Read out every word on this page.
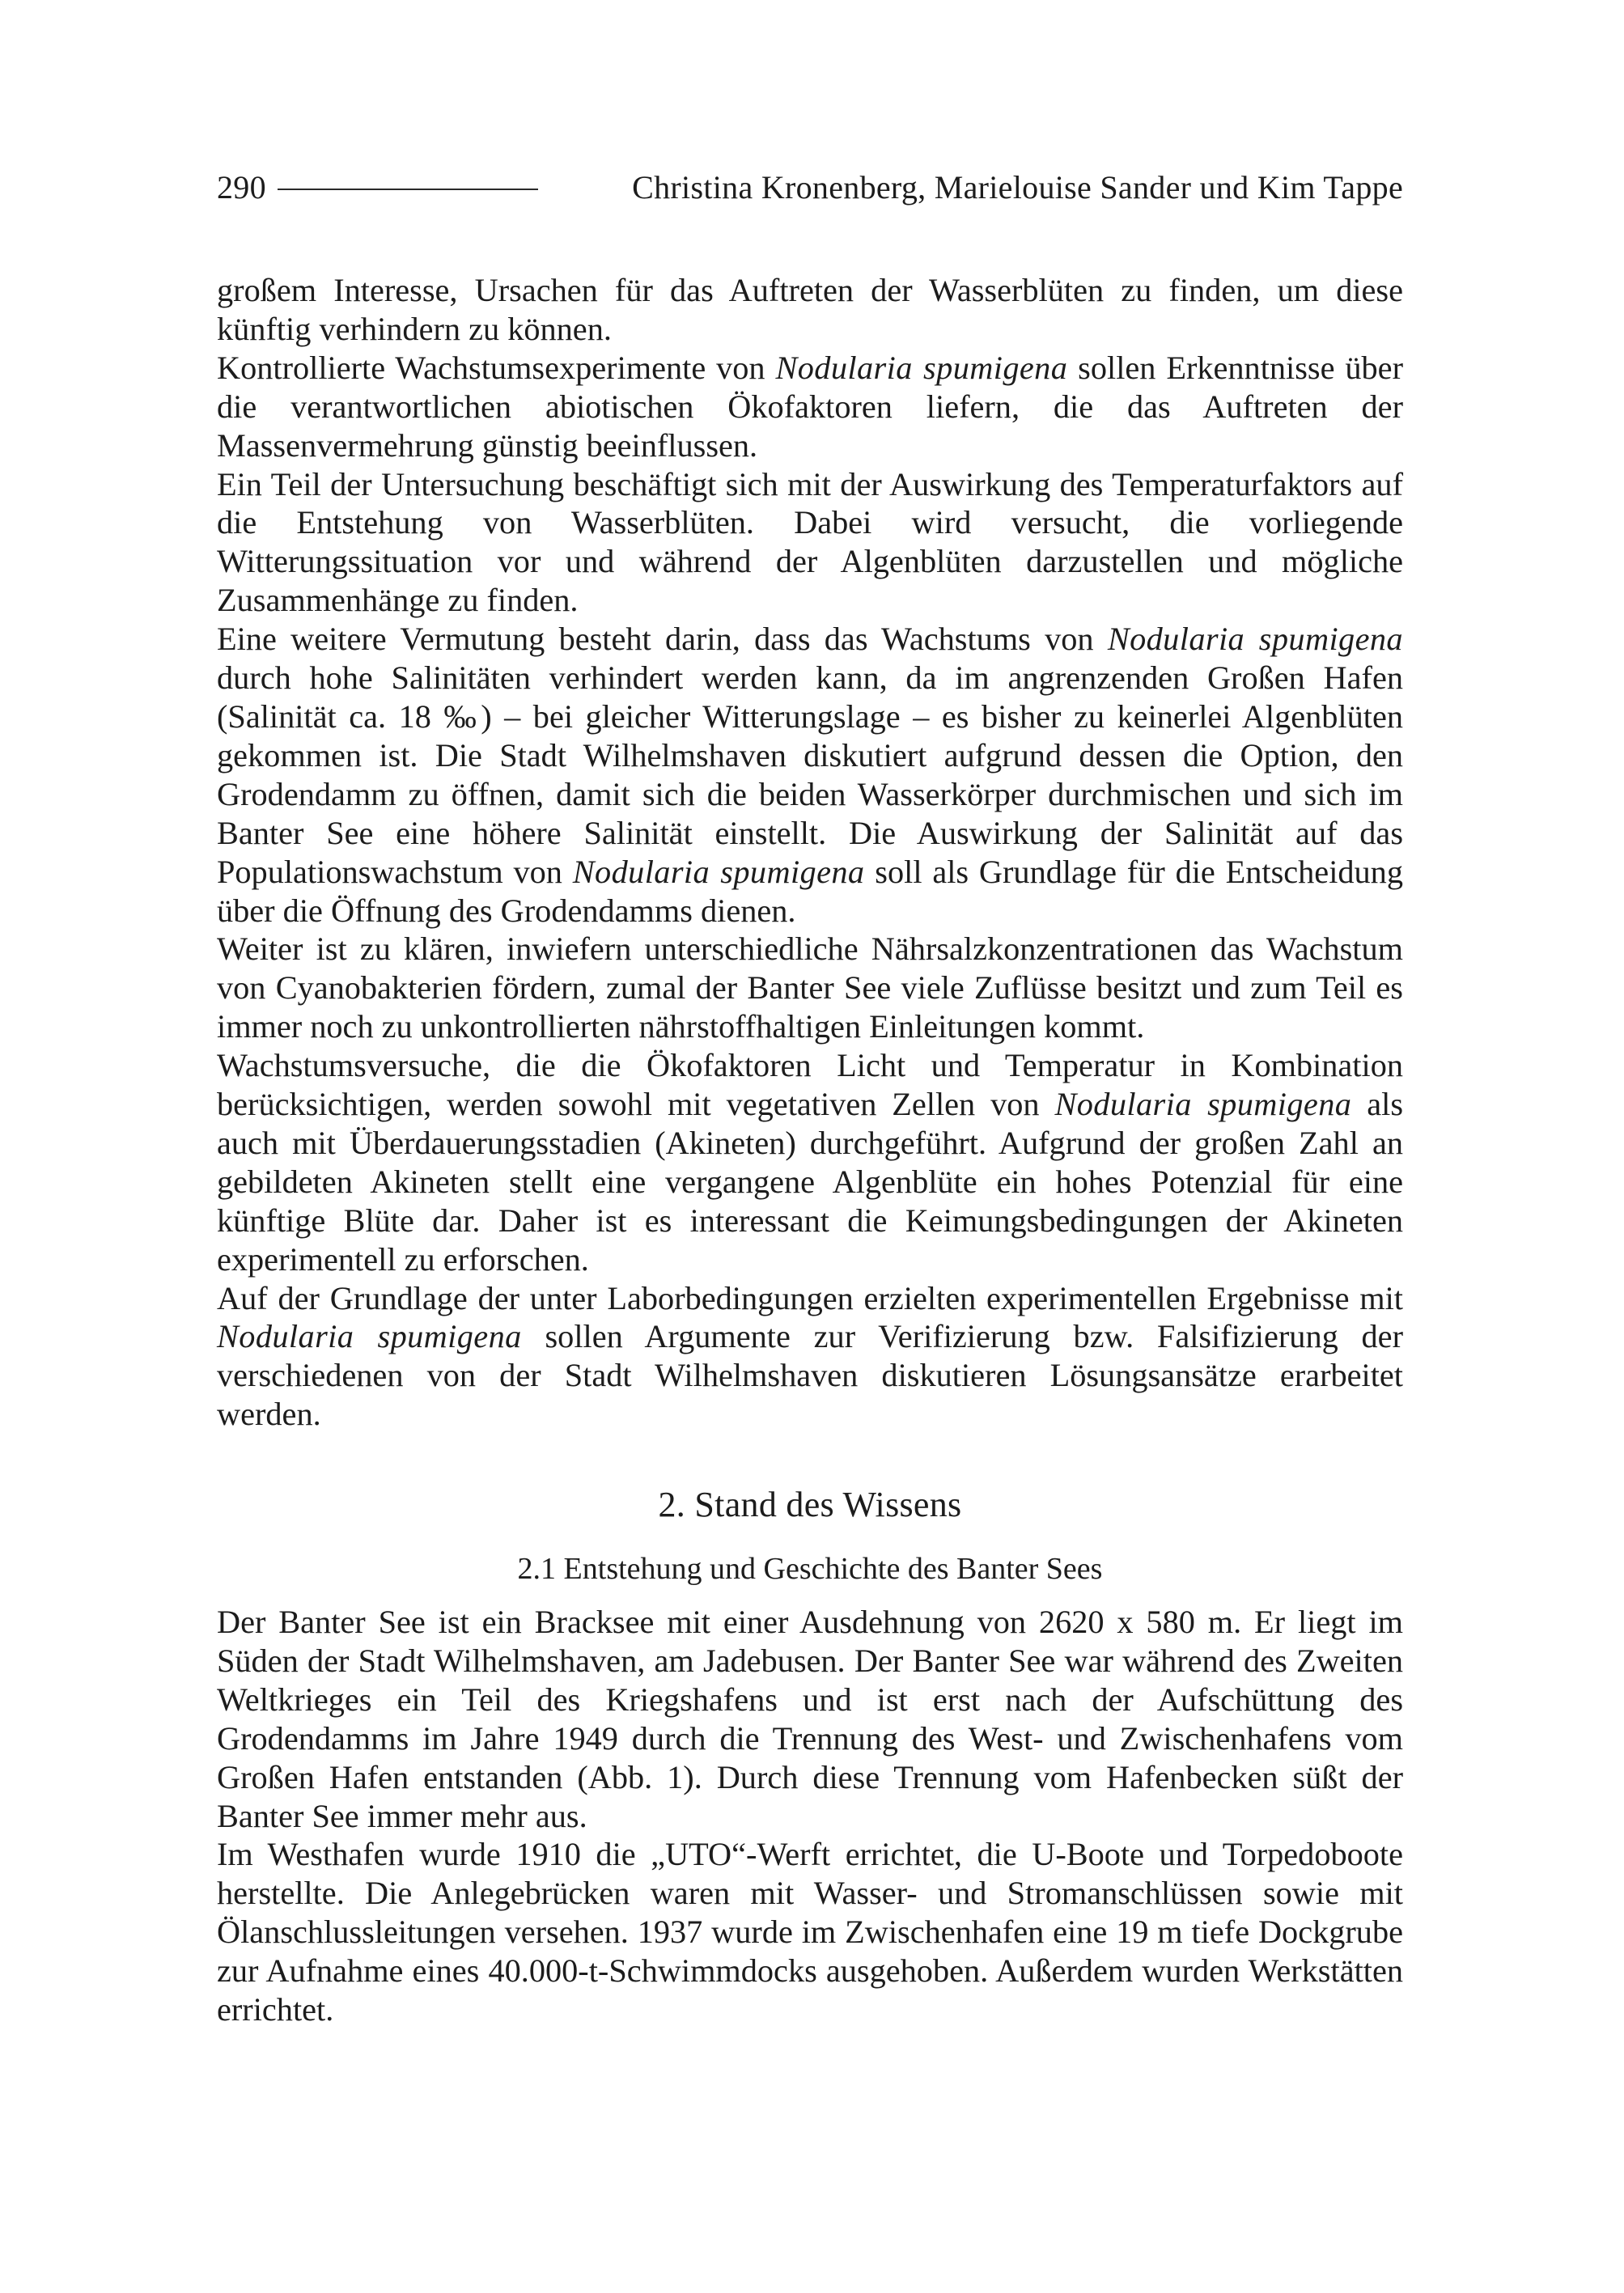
290	Christina Kronenberg, Marielouise Sander und Kim Tappe

großem Interesse, Ursachen für das Auftreten der Wasserblüten zu finden, um diese künftig verhindern zu können.

Kontrollierte Wachstumsexperimente von Nodularia spumigena sollen Erkenntnisse über die verantwortlichen abiotischen Ökofaktoren liefern, die das Auftreten der Massenvermehrung günstig beeinflussen.

Ein Teil der Untersuchung beschäftigt sich mit der Auswirkung des Temperaturfaktors auf die Entstehung von Wasserblüten. Dabei wird versucht, die vorliegende Witterungssituation vor und während der Algenblüten darzustellen und mögliche Zusammenhänge zu finden.

Eine weitere Vermutung besteht darin, dass das Wachstums von Nodularia spumigena durch hohe Salinitäten verhindert werden kann, da im angrenzenden Großen Hafen (Salinität ca. 18 ‰) – bei gleicher Witterungslage – es bisher zu keinerlei Algenblüten gekommen ist. Die Stadt Wilhelmshaven diskutiert aufgrund dessen die Option, den Grodendamm zu öffnen, damit sich die beiden Wasserkörper durchmischen und sich im Banter See eine höhere Salinität einstellt. Die Auswirkung der Salinität auf das Populationswachstum von Nodularia spumigena soll als Grundlage für die Entscheidung über die Öffnung des Grodendamms dienen.

Weiter ist zu klären, inwiefern unterschiedliche Nährsalzkonzentrationen das Wachstum von Cyanobakterien fördern, zumal der Banter See viele Zuflüsse besitzt und zum Teil es immer noch zu unkontrollierten nährstoffhaltigen Einleitungen kommt.

Wachstumsversuche, die die Ökofaktoren Licht und Temperatur in Kombination berücksichtigen, werden sowohl mit vegetativen Zellen von Nodularia spumigena als auch mit Überdauerungsstadien (Akineten) durchgeführt. Aufgrund der großen Zahl an gebildeten Akineten stellt eine vergangene Algenblüte ein hohes Potenzial für eine künftige Blüte dar. Daher ist es interessant die Keimungsbedingungen der Akineten experimentell zu erforschen.

Auf der Grundlage der unter Laborbedingungen erzielten experimentellen Ergebnisse mit Nodularia spumigena sollen Argumente zur Verifizierung bzw. Falsifizierung der verschiedenen von der Stadt Wilhelmshaven diskutieren Lösungsansätze erarbeitet werden.

2. Stand des Wissens
2.1 Entstehung und Geschichte des Banter Sees

Der Banter See ist ein Bracksee mit einer Ausdehnung von 2620 x 580 m. Er liegt im Süden der Stadt Wilhelmshaven, am Jadebusen. Der Banter See war während des Zweiten Weltkrieges ein Teil des Kriegshafens und ist erst nach der Aufschüttung des Grodendamms im Jahre 1949 durch die Trennung des West- und Zwischenhafens vom Großen Hafen entstanden (Abb. 1). Durch diese Trennung vom Hafenbecken süßt der Banter See immer mehr aus.

Im Westhafen wurde 1910 die „UTO“-Werft errichtet, die U-Boote und Torpedoboote herstellte. Die Anlegebrücken waren mit Wasser- und Stromanschlüssen sowie mit Ölanschlussleitungen versehen. 1937 wurde im Zwischenhafen eine 19 m tiefe Dockgrube zur Aufnahme eines 40.000-t-Schwimmdocks ausgehoben. Außerdem wurden Werkstätten errichtet.
